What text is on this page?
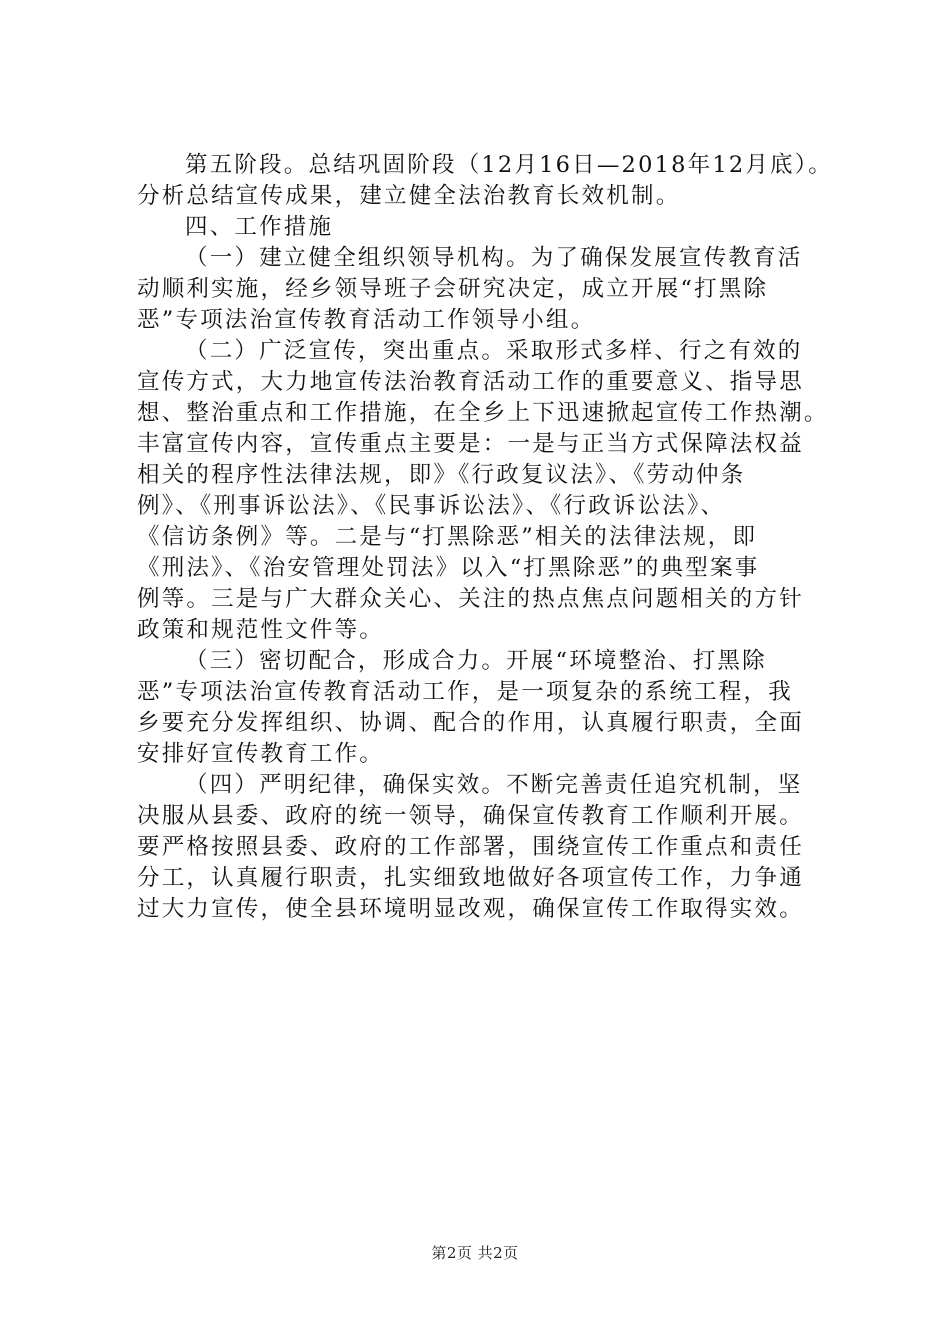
第五阶段。总结巩固阶段（12月16日—2018年12月底）。
分析总结宣传成果，建立健全法治教育长效机制。
四、工作措施
（一）建立健全组织领导机构。为了确保发展宣传教育活
动顺利实施，经乡领导班子会研究决定，成立开展“打黑除
恶”专项法治宣传教育活动工作领导小组。
（二）广泛宣传，突出重点。采取形式多样、行之有效的
宣传方式，大力地宣传法治教育活动工作的重要意义、指导思
想、整治重点和工作措施，在全乡上下迅速掀起宣传工作热潮。
丰富宣传内容，宣传重点主要是：一是与正当方式保障法权益
相关的程序性法律法规，即》《行政复议法》、《劳动仲条
例》、《刑事诉讼法》、《民事诉讼法》、《行政诉讼法》、
《信访条例》等。二是与“打黑除恶”相关的法律法规，即
《刑法》、《治安管理处罚法》以入“打黑除恶”的典型案事
例等。三是与广大群众关心、关注的热点焦点问题相关的方针
政策和规范性文件等。
（三）密切配合，形成合力。开展“环境整治、打黑除
恶”专项法治宣传教育活动工作，是一项复杂的系统工程，我
乡要充分发挥组织、协调、配合的作用，认真履行职责，全面
安排好宣传教育工作。
（四）严明纪律，确保实效。不断完善责任追究机制，坚
决服从县委、政府的统一领导，确保宣传教育工作顺利开展。
要严格按照县委、政府的工作部署，围绕宣传工作重点和责任
分工，认真履行职责，扎实细致地做好各项宣传工作，力争通
过大力宣传，使全县环境明显改观，确保宣传工作取得实效。
第2页 共2页
